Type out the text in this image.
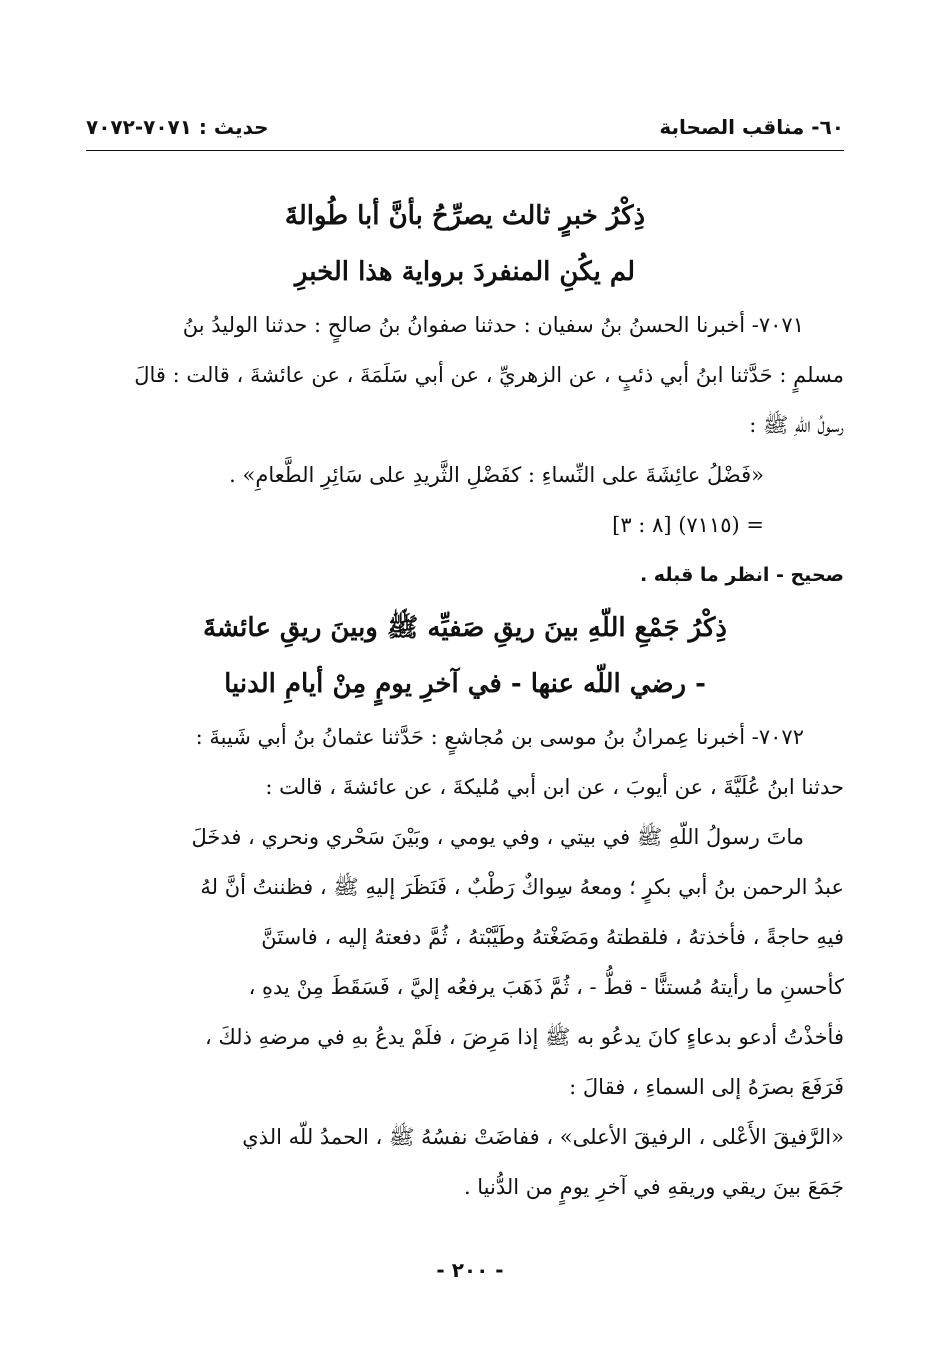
٦٠- مناقب الصحابة
حديث : ٧٠٧١-٧٠٧٢
ذِكْرُ خبرٍ ثالث يصرِّحُ بأنَّ أبا طُوالةَ
لم يكُنِ المنفردَ برواية هذا الخبرِ
٧٠٧١- أخبرنا الحسنُ بنُ سفيان : حدثنا صفوانُ بنُ صالحٍ : حدثنا الوليدُ بنُ
مسلمٍ : حَدَّثنا ابنُ أبي ذئبٍ ، عن الزهريِّ ، عن أبي سَلَمَةَ ، عن عائشةَ ، قالت : قالَ
رسولُ اللّهِ ﷺ :
«فَضْلُ عائِشَةَ على النِّساءِ : كفَضْلِ الثَّريدِ على سَائِرِ الطَّعامِ» .
= (٧١١٥) [٨ : ٣]
صحيح - انظر ما قبله .
ذِكْرُ جَمْعِ اللّهِ بينَ ريقِ صَفيِّه ﷺ وبينَ ريقِ عائشةَ
- رضي اللّه عنها - في آخرِ يومٍ مِنْ أيامِ الدنيا
٧٠٧٢- أخبرنا عِمرانُ بنُ موسى بن مُجاشعٍ : حَدَّثنا عثمانُ بنُ أبي شَيبةَ :
حدثنا ابنُ عُلَيَّةَ ، عن أيوبَ ، عن ابن أبي مُليكةَ ، عن عائشةَ ، قالت :
ماتَ رسولُ اللّهِ ﷺ في بيتي ، وفي يومي ، وبَيْنَ سَحْري ونحري ، فدخَلَ
عبدُ الرحمن بنُ أبي بكرٍ ؛ ومعهُ سِواكٌ رَطْبٌ ، فَنَظَرَ إليهِ ﷺ ، فظننتُ أنَّ لهُ
فيهِ حاجةً ، فأخذتهُ ، فلقطتهُ ومَضَغْتهُ وطَيَّبْتهُ ، ثُمَّ دفعتهُ إليه ، فاستَنَّ
كأحسنِ ما رأيتهُ مُستنًّا - قطُّ - ، ثُمَّ ذَهَبَ يرفعُه إليَّ ، فَسَقَطَ مِنْ يدهِ ،
فأخذْتُ أدعو بدعاءٍ كانَ يدعُو به ﷺ إذا مَرِضَ ، فلَمْ يدعُ بهِ في مرضهِ ذلكَ ،
فَرَفَعَ بصرَهُ إلى السماءِ ، فقالَ :
«الرَّفيقَ الأَعْلى ، الرفيقَ الأعلى» ، ففاضَتْ نفسُهُ ﷺ ، الحمدُ للّه الذي
جَمَعَ بينَ ريقي وريقهِ في آخرِ يومٍ من الدُّنيا .
- ٢٠٠ -
